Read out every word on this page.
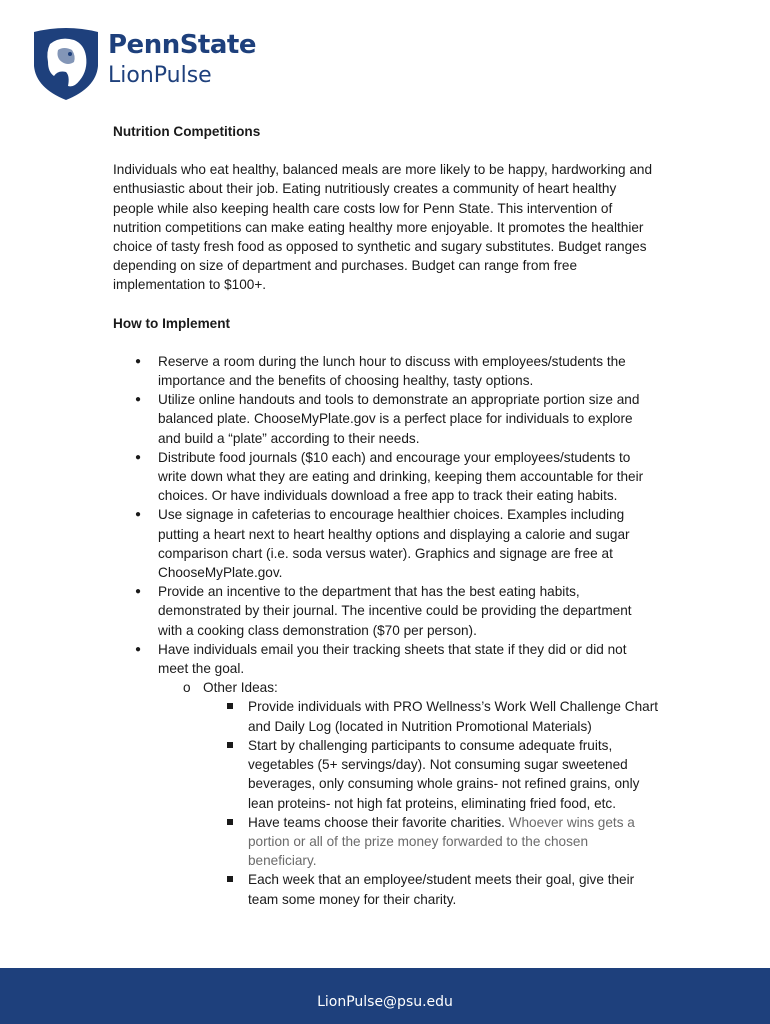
PennState
LionPulse

Nutrition Competitions

Individuals who eat healthy, balanced meals are more likely to be happy, hardworking and enthusiastic about their job. Eating nutritiously creates a community of heart healthy people while also keeping health care costs low for Penn State. This intervention of nutrition competitions can make eating healthy more enjoyable. It promotes the healthier choice of tasty fresh food as opposed to synthetic and sugary substitutes. Budget ranges depending on size of department and purchases. Budget can range from free implementation to $100+.

How to Implement

● Reserve a room during the lunch hour to discuss with employees/students the importance and the benefits of choosing healthy, tasty options.
● Utilize online handouts and tools to demonstrate an appropriate portion size and balanced plate. ChooseMyPlate.gov is a perfect place for individuals to explore and build a “plate” according to their needs.
● Distribute food journals ($10 each) and encourage your employees/students to write down what they are eating and drinking, keeping them accountable for their choices. Or have individuals download a free app to track their eating habits.
● Use signage in cafeterias to encourage healthier choices. Examples including putting a heart next to heart healthy options and displaying a calorie and sugar comparison chart (i.e. soda versus water). Graphics and signage are free at ChooseMyPlate.gov.
● Provide an incentive to the department that has the best eating habits, demonstrated by their journal. The incentive could be providing the department with a cooking class demonstration ($70 per person).
● Have individuals email you their tracking sheets that state if they did or did not meet the goal.
o Other Ideas:
Provide individuals with PRO Wellness’s Work Well Challenge Chart and Daily Log (located in Nutrition Promotional Materials)
Start by challenging participants to consume adequate fruits, vegetables (5+ servings/day). Not consuming sugar sweetened beverages, only consuming whole grains- not refined grains, only lean proteins- not high fat proteins, eliminating fried food, etc.
Have teams choose their favorite charities. Whoever wins gets a portion or all of the prize money forwarded to the chosen beneficiary.
Each week that an employee/student meets their goal, give their team some money for their charity.
LionPulse@psu.edu
